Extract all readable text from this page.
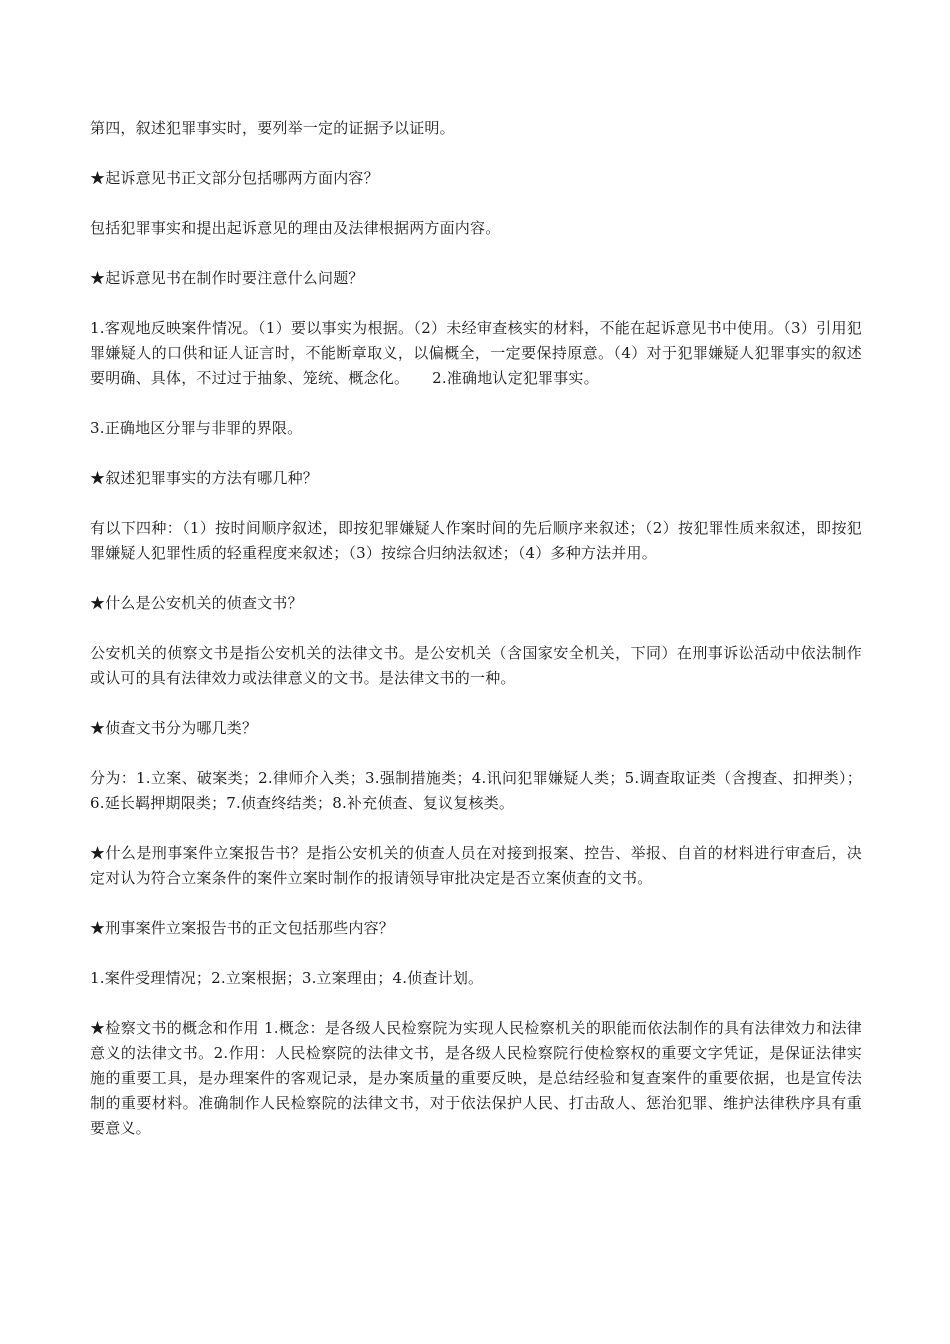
第四，叙述犯罪事实时，要列举一定的证据予以证明。

★起诉意见书正文部分包括哪两方面内容？

包括犯罪事实和提出起诉意见的理由及法律根据两方面内容。

★起诉意见书在制作时要注意什么问题？

1.客观地反映案件情况。（1）要以事实为根据。（2）未经审查核实的材料，不能在起诉意见书中使用。（3）引用犯罪嫌疑人的口供和证人证言时，不能断章取义，以偏概全，一定要保持原意。（4）对于犯罪嫌疑人犯罪事实的叙述要明确、具体，不过过于抽象、笼统、概念化。　　2.准确地认定犯罪事实。

3.正确地区分罪与非罪的界限。

★叙述犯罪事实的方法有哪几种？

有以下四种：（1）按时间顺序叙述，即按犯罪嫌疑人作案时间的先后顺序来叙述；（2）按犯罪性质来叙述，即按犯罪嫌疑人犯罪性质的轻重程度来叙述；（3）按综合归纳法叙述；（4）多种方法并用。

★什么是公安机关的侦查文书？

公安机关的侦察文书是指公安机关的法律文书。是公安机关（含国家安全机关，下同）在刑事诉讼活动中依法制作或认可的具有法律效力或法律意义的文书。是法律文书的一种。

★侦查文书分为哪几类？

分为：1.立案、破案类；2.律师介入类；3.强制措施类；4.讯问犯罪嫌疑人类；5.调查取证类（含搜查、扣押类）；6.延长羁押期限类；7.侦查终结类；8.补充侦查、复议复核类。

★什么是刑事案件立案报告书？是指公安机关的侦查人员在对接到报案、控告、举报、自首的材料进行审查后，决定对认为符合立案条件的案件立案时制作的报请领导审批决定是否立案侦查的文书。

★刑事案件立案报告书的正文包括那些内容？

1.案件受理情况；2.立案根据；3.立案理由；4.侦查计划。

★检察文书的概念和作用 1.概念：是各级人民检察院为实现人民检察机关的职能而依法制作的具有法律效力和法律意义的法律文书。2.作用：人民检察院的法律文书，是各级人民检察院行使检察权的重要文字凭证，是保证法律实施的重要工具，是办理案件的客观记录，是办案质量的重要反映，是总结经验和复查案件的重要依据，也是宣传法制的重要材料。准确制作人民检察院的法律文书，对于依法保护人民、打击敌人、惩治犯罪、维护法律秩序具有重要意义。
